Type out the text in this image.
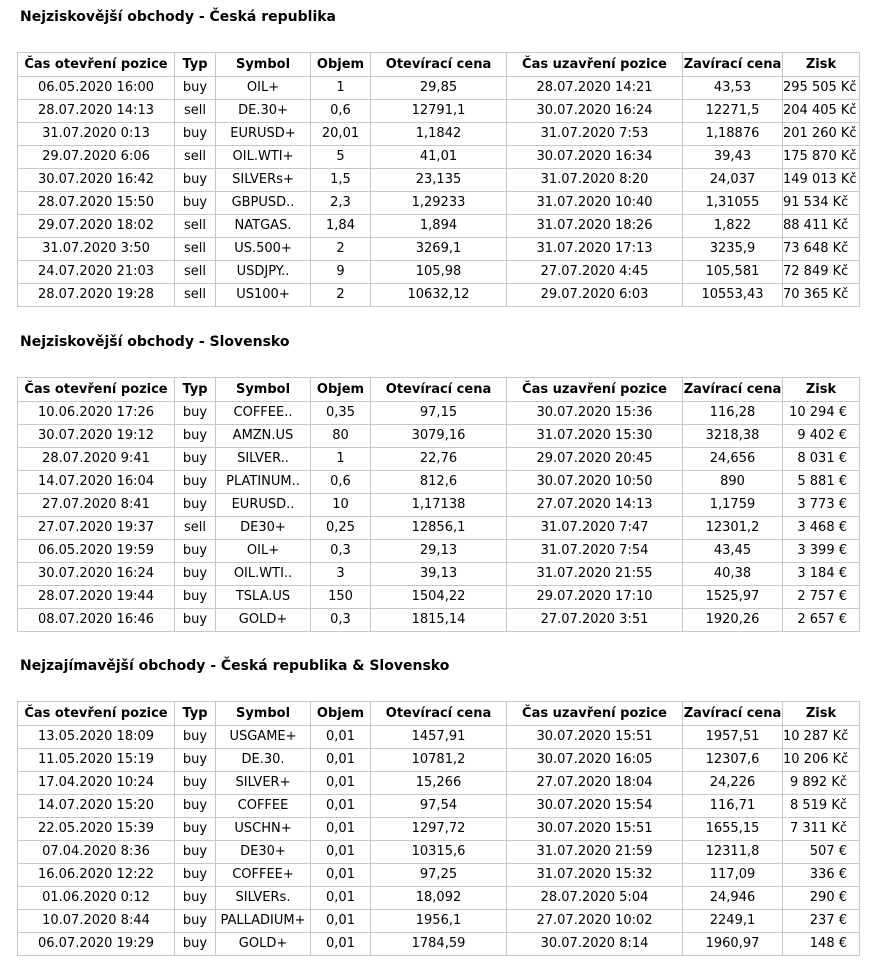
Nejziskovější obchody - Česká republika
Čas otevření pozice	Typ	Symbol	Objem	Otevírací cena	Čas uzavření pozice	Zavírací cena	Zisk
06.05.2020 16:00	buy	OIL+	1	29,85	28.07.2020 14:21	43,53	295 505 Kč
28.07.2020 14:13	sell	DE.30+	0,6	12791,1	30.07.2020 16:24	12271,5	204 405 Kč
31.07.2020 0:13	buy	EURUSD+	20,01	1,1842	31.07.2020 7:53	1,18876	201 260 Kč
29.07.2020 6:06	sell	OIL.WTI+	5	41,01	30.07.2020 16:34	39,43	175 870 Kč
30.07.2020 16:42	buy	SILVERs+	1,5	23,135	31.07.2020 8:20	24,037	149 013 Kč
28.07.2020 15:50	buy	GBPUSD..	2,3	1,29233	31.07.2020 10:40	1,31055	91 534 Kč
29.07.2020 18:02	sell	NATGAS.	1,84	1,894	31.07.2020 18:26	1,822	88 411 Kč
31.07.2020 3:50	sell	US.500+	2	3269,1	31.07.2020 17:13	3235,9	73 648 Kč
24.07.2020 21:03	sell	USDJPY..	9	105,98	27.07.2020 4:45	105,581	72 849 Kč
28.07.2020 19:28	sell	US100+	2	10632,12	29.07.2020 6:03	10553,43	70 365 Kč
Nejziskovější obchody - Slovensko
Čas otevření pozice	Typ	Symbol	Objem	Otevírací cena	Čas uzavření pozice	Zavírací cena	Zisk
10.06.2020 17:26	buy	COFFEE..	0,35	97,15	30.07.2020 15:36	116,28	10 294 €
30.07.2020 19:12	buy	AMZN.US	80	3079,16	31.07.2020 15:30	3218,38	9 402 €
28.07.2020 9:41	buy	SILVER..	1	22,76	29.07.2020 20:45	24,656	8 031 €
14.07.2020 16:04	buy	PLATINUM..	0,6	812,6	30.07.2020 10:50	890	5 881 €
27.07.2020 8:41	buy	EURUSD..	10	1,17138	27.07.2020 14:13	1,1759	3 773 €
27.07.2020 19:37	sell	DE30+	0,25	12856,1	31.07.2020 7:47	12301,2	3 468 €
06.05.2020 19:59	buy	OIL+	0,3	29,13	31.07.2020 7:54	43,45	3 399 €
30.07.2020 16:24	buy	OIL.WTI..	3	39,13	31.07.2020 21:55	40,38	3 184 €
28.07.2020 19:44	buy	TSLA.US	150	1504,22	29.07.2020 17:10	1525,97	2 757 €
08.07.2020 16:46	buy	GOLD+	0,3	1815,14	27.07.2020 3:51	1920,26	2 657 €
Nejzajímavější obchody - Česká republika & Slovensko
Čas otevření pozice	Typ	Symbol	Objem	Otevírací cena	Čas uzavření pozice	Zavírací cena	Zisk
13.05.2020 18:09	buy	USGAME+	0,01	1457,91	30.07.2020 15:51	1957,51	10 287 Kč
11.05.2020 15:19	buy	DE.30.	0,01	10781,2	30.07.2020 16:05	12307,6	10 206 Kč
17.04.2020 10:24	buy	SILVER+	0,01	15,266	27.07.2020 18:04	24,226	9 892 Kč
14.07.2020 15:20	buy	COFFEE	0,01	97,54	30.07.2020 15:54	116,71	8 519 Kč
22.05.2020 15:39	buy	USCHN+	0,01	1297,72	30.07.2020 15:51	1655,15	7 311 Kč
07.04.2020 8:36	buy	DE30+	0,01	10315,6	31.07.2020 21:59	12311,8	507 €
16.06.2020 12:22	buy	COFFEE+	0,01	97,25	31.07.2020 15:32	117,09	336 €
01.06.2020 0:12	buy	SILVERs.	0,01	18,092	28.07.2020 5:04	24,946	290 €
10.07.2020 8:44	buy	PALLADIUM+	0,01	1956,1	27.07.2020 10:02	2249,1	237 €
06.07.2020 19:29	buy	GOLD+	0,01	1784,59	30.07.2020 8:14	1960,97	148 €
